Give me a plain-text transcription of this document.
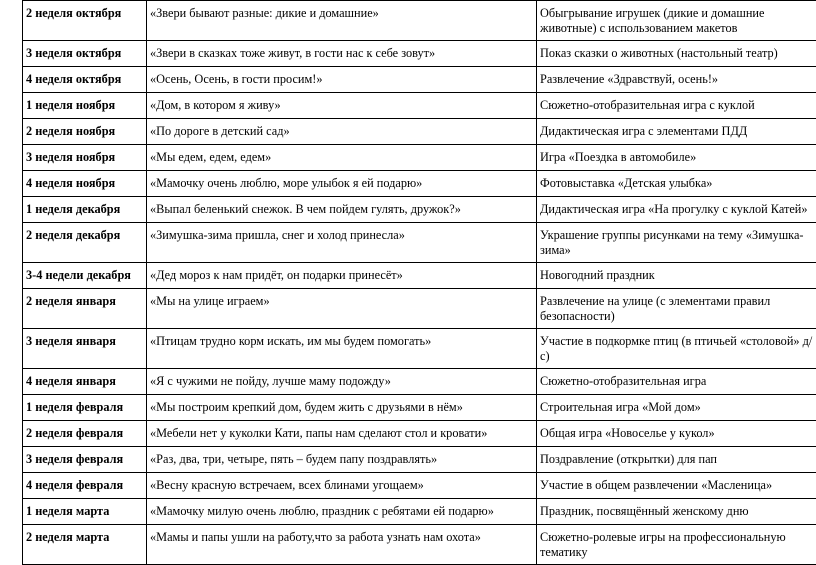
2 неделя октября	«Звери бывают разные: дикие и домашние»	Обыгрывание игрушек (дикие и домашние животные) с использованием макетов
3 неделя октября	«Звери в сказках тоже живут, в гости нас к себе зовут»	Показ сказки о животных (настольный театр)
4 неделя октября	«Осень, Осень, в гости просим!»	Развлечение «Здравствуй, осень!»
1 неделя ноября	«Дом, в котором я живу»	Сюжетно-отобразительная игра с куклой
2 неделя ноября	«По дороге в детский сад»	Дидактическая игра с элементами ПДД
3 неделя ноября	«Мы едем, едем, едем»	Игра «Поездка в автомобиле»
4 неделя ноября	«Мамочку очень люблю, море улыбок я ей подарю»	Фотовыставка «Детская улыбка»
1 неделя декабря	«Выпал беленький снежок. В чем пойдем гулять, дружок?»	Дидактическая игра «На прогулку с куклой Катей»
2 неделя декабря	«Зимушка-зима пришла, снег и холод принесла»	Украшение группы рисунками на тему «Зимушка-зима»
3-4 недели декабря	«Дед мороз к нам придёт, он подарки принесёт»	Новогодний праздник
2 неделя января	«Мы на улице играем»	Развлечение на улице (с элементами правил безопасности)
3 неделя января	«Птицам трудно корм искать, им мы будем помогать»	Участие в подкормке птиц (в птичьей «столовой» д/с)
4 неделя января	«Я с чужими не пойду, лучше маму подожду»	Сюжетно-отобразительная игра
1 неделя февраля	«Мы построим крепкий дом, будем жить с друзьями в нём»	Строительная игра «Мой дом»
2 неделя февраля	«Мебели нет у куколки Кати, папы нам сделают стол и кровати»	Общая игра «Новоселье у кукол»
3 неделя февраля	«Раз, два, три, четыре, пять – будем папу поздравлять»	Поздравление (открытки) для пап
4 неделя февраля	«Весну красную встречаем, всех блинами угощаем»	Участие в общем развлечении «Масленица»
1 неделя марта	«Мамочку милую очень люблю, праздник с ребятами ей подарю»	Праздник, посвящённый женскому дню
2 неделя марта	«Мамы и папы ушли на работу,что за работа узнать нам охота»	Сюжетно-ролевые игры на профессиональную тематику
